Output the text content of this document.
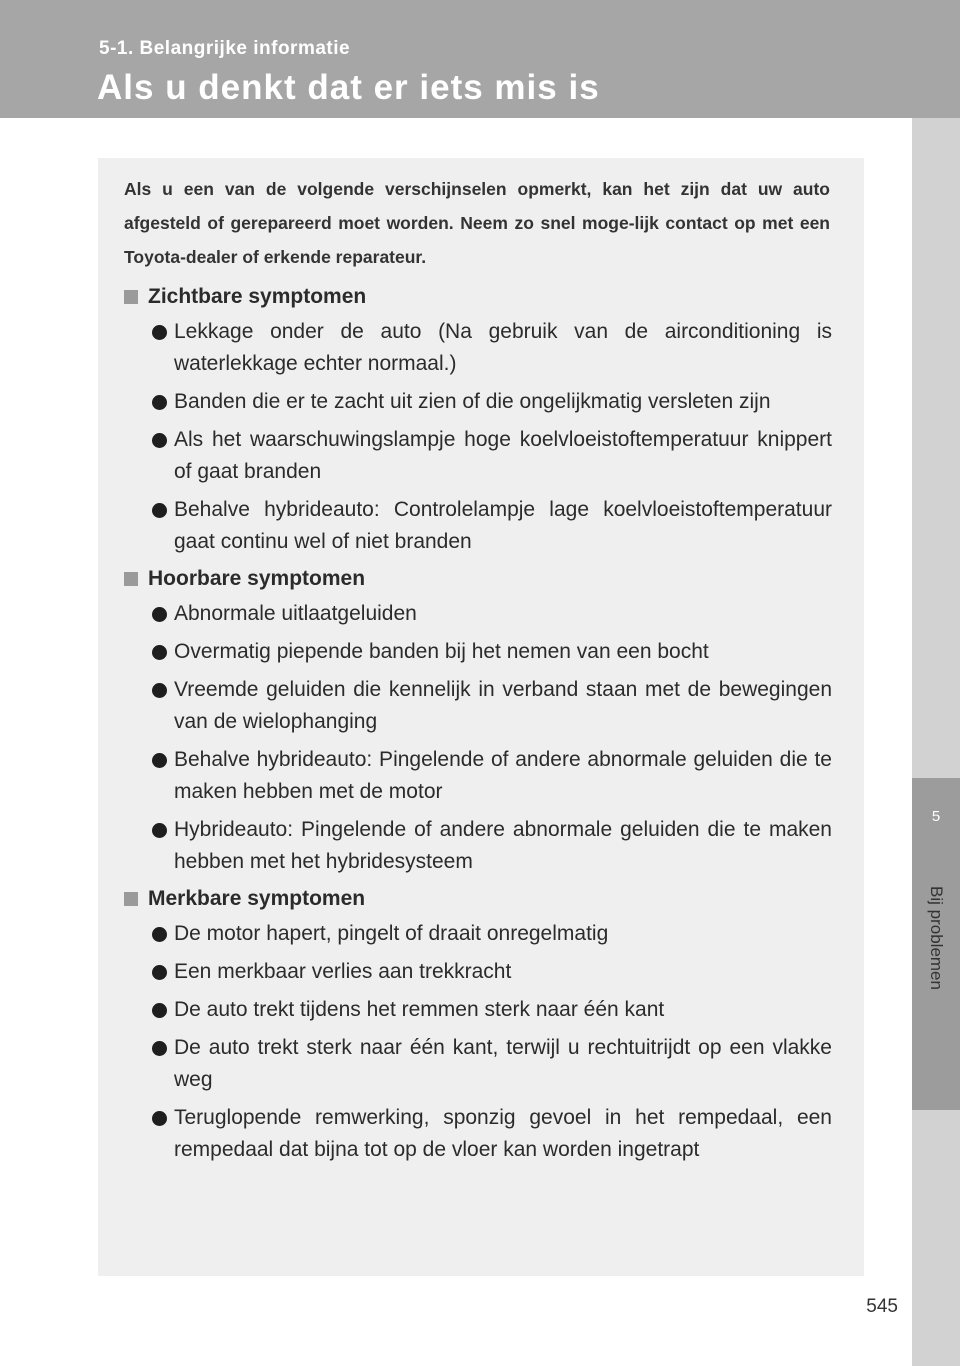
5-1. Belangrijke informatie
Als u denkt dat er iets mis is
5
Bij problemen
Als u een van de volgende verschijnselen opmerkt, kan het zijn dat uw auto afgesteld of gerepareerd moet worden. Neem zo snel moge-lijk contact op met een Toyota-dealer of erkende reparateur.
Zichtbare symptomen
Lekkage onder de auto (Na gebruik van de airconditioning is waterlekkage echter normaal.)
Banden die er te zacht uit zien of die ongelijkmatig versleten zijn
Als het waarschuwingslampje hoge koelvloeistoftemperatuur knippert of gaat branden
Behalve hybrideauto: Controlelampje lage koelvloeistoftemperatuur gaat continu wel of niet branden
Hoorbare symptomen
Abnormale uitlaatgeluiden
Overmatig piepende banden bij het nemen van een bocht
Vreemde geluiden die kennelijk in verband staan met de bewegingen van de wielophanging
Behalve hybrideauto: Pingelende of andere abnormale geluiden die te maken hebben met de motor
Hybrideauto: Pingelende of andere abnormale geluiden die te maken hebben met het hybridesysteem
Merkbare symptomen
De motor hapert, pingelt of draait onregelmatig
Een merkbaar verlies aan trekkracht
De auto trekt tijdens het remmen sterk naar één kant
De auto trekt sterk naar één kant, terwijl u rechtuitrijdt op een vlakke weg
Teruglopende remwerking, sponzig gevoel in het rempedaal, een rempedaal dat bijna tot op de vloer kan worden ingetrapt
545
